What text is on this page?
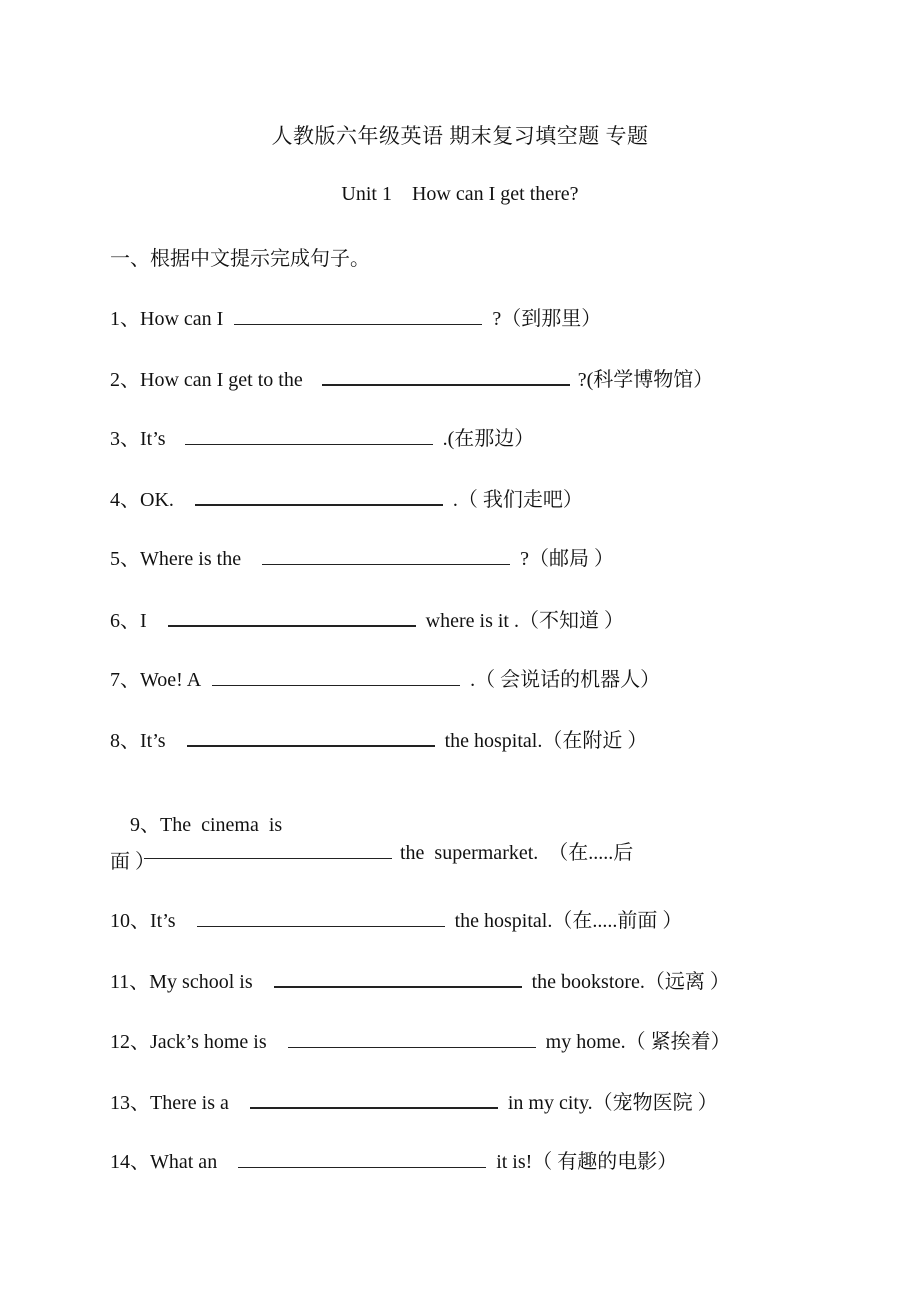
人教版六年级英语 期末复习填空题 专题
Unit 1    How can I get there?
一、根据中文提示完成句子。
1、How can I	?（到那里）
2、How can I get to the	?(科学博物馆）
3、It’s	.(在那边）
4、OK.	.（ 我们走吧）
5、Where is the	?（邮局 ）
6、I	where is it .（不知道 ）
7、Woe! A	.（ 会说话的机器人）
8、It’s	the hospital.（在附近 ）

9、The  cinema  is
the  supermarket.  （在.....后

面 ）
10、It’s	the hospital.（在.....前面 ）
11、My school is	the bookstore.（远离 ）
12、Jack’s home is	my home.（ 紧挨着）
13、There is a	in my city.（宠物医院 ）
14、What an	it is!（ 有趣的电影）
